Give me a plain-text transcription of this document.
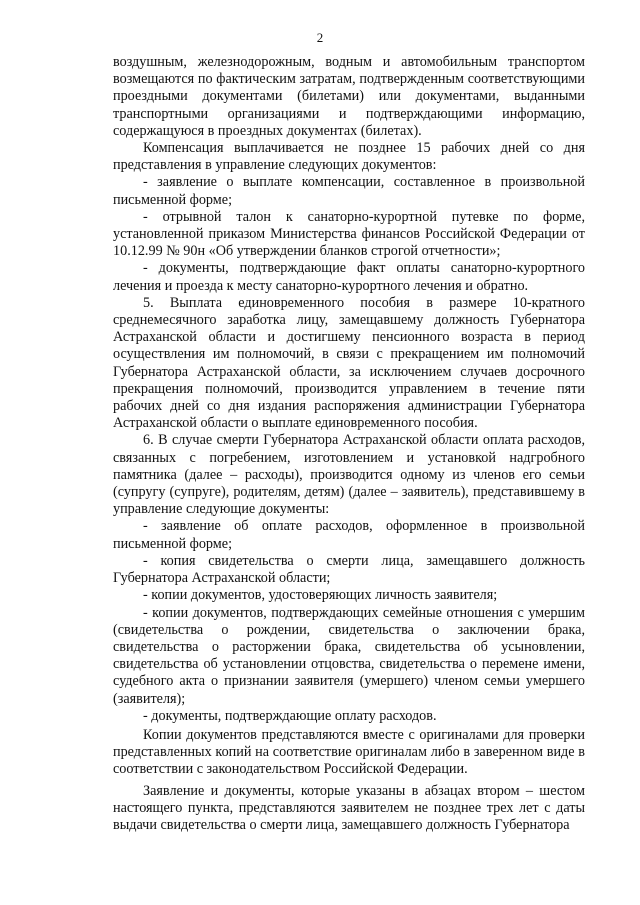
2

воздушным, железнодорожным, водным и автомобильным транспортом возмещаются по фактическим затратам, подтвержденным соответствующими проездными документами (билетами) или документами, выданными транспортными организациями и подтверждающими информацию, содержащуюся в проездных документах (билетах).

Компенсация выплачивается не позднее 15 рабочих дней со дня представления в управление следующих документов:

- заявление о выплате компенсации, составленное в произвольной письменной форме;

- отрывной талон к санаторно-курортной путевке по форме, установленной приказом Министерства финансов Российской Федерации от 10.12.99 № 90н «Об утверждении бланков строгой отчетности»;

- документы, подтверждающие факт оплаты санаторно-курортного лечения и проезда к месту санаторно-курортного лечения и обратно.

5. Выплата единовременного пособия в размере 10-кратного среднемесячного заработка лицу, замещавшему должность Губернатора Астраханской области и достигшему пенсионного возраста в период осуществления им полномочий, в связи с прекращением им полномочий Губернатора Астраханской области, за исключением случаев досрочного прекращения полномочий, производится управлением в течение пяти рабочих дней со дня издания распоряжения администрации Губернатора Астраханской области о выплате единовременного пособия.

6. В случае смерти Губернатора Астраханской области оплата расходов, связанных с погребением, изготовлением и установкой надгробного памятника (далее – расходы), производится одному из членов его семьи (супругу (супруге), родителям, детям) (далее – заявитель), представившему в управление следующие документы:

- заявление об оплате расходов, оформленное в произвольной письменной форме;

- копия свидетельства о смерти лица, замещавшего должность Губернатора Астраханской области;

- копии документов, удостоверяющих личность заявителя;

- копии документов, подтверждающих семейные отношения с умершим (свидетельства о рождении, свидетельства о заключении брака, свидетельства о расторжении брака, свидетельства об усыновлении, свидетельства об установлении отцовства, свидетельства о перемене имени, судебного акта о признании заявителя (умершего) членом семьи умершего (заявителя);

- документы, подтверждающие оплату расходов.

Копии документов представляются вместе с оригиналами для проверки представленных копий на соответствие оригиналам либо в заверенном виде в соответствии с законодательством Российской Федерации.

Заявление и документы, которые указаны в абзацах втором – шестом настоящего пункта, представляются заявителем не позднее трех лет с даты выдачи свидетельства о смерти лица, замещавшего должность Губернатора
